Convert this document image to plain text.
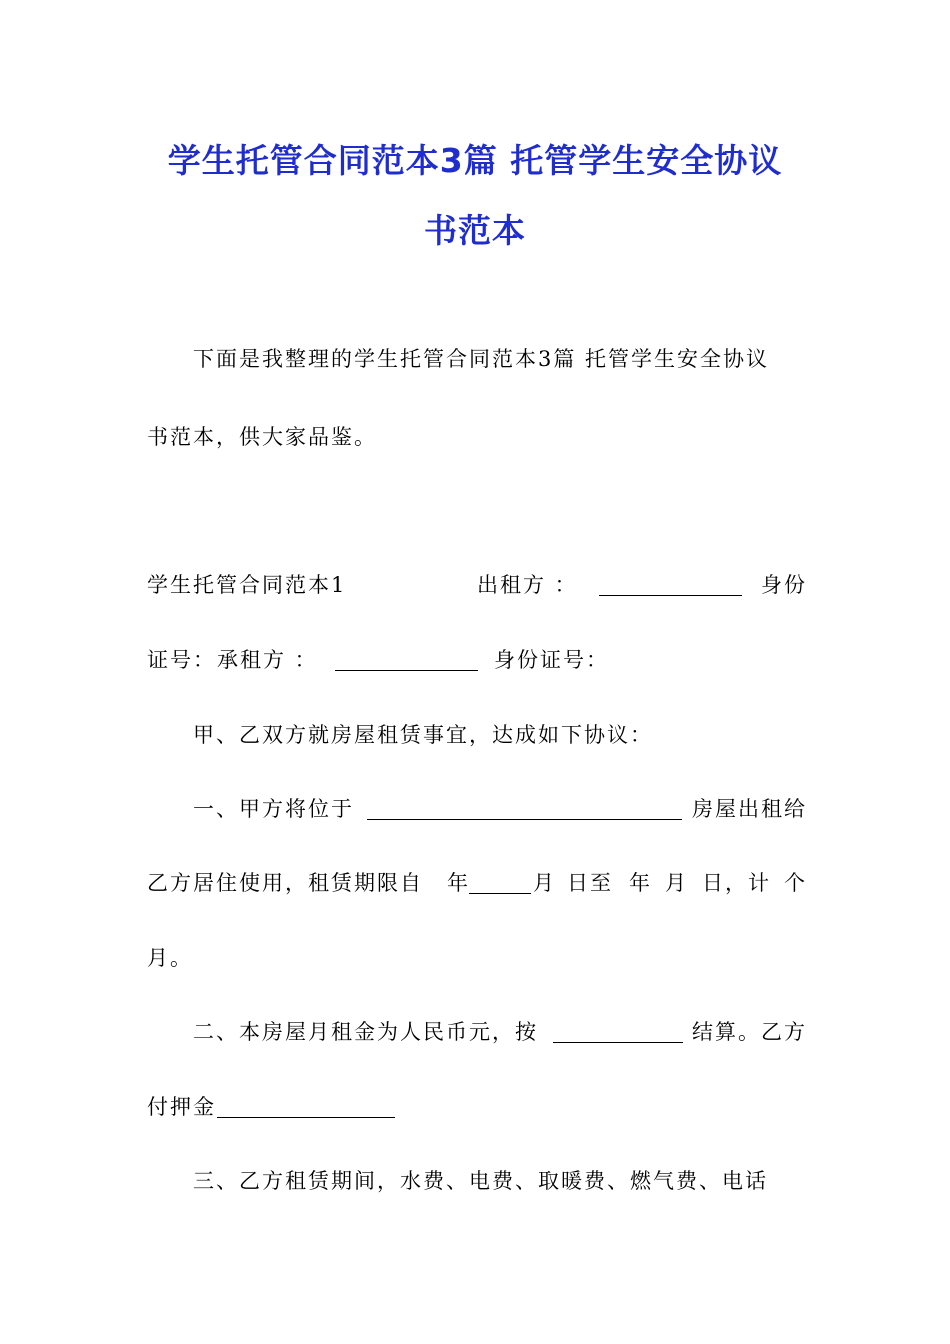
学生托管合同范本3篇 托管学生安全协议
书范本
下面是我整理的学生托管合同范本3篇 托管学生安全协议
书范本，供大家品鉴。
学生托管合同范本1	出租方 ：	身份
证号： 承租方 ：	身份证号：
甲、乙双方就房屋租赁事宜，达成如下协议：
一、甲方将位于	房屋出租给
乙方居住使用，租赁期限自 年	月 日至 年 月 日，计 个
月。
二、本房屋月租金为人民币元，按	结算。乙方
付押金
三、乙方租赁期间，水费、电费、取暖费、燃气费、电话
